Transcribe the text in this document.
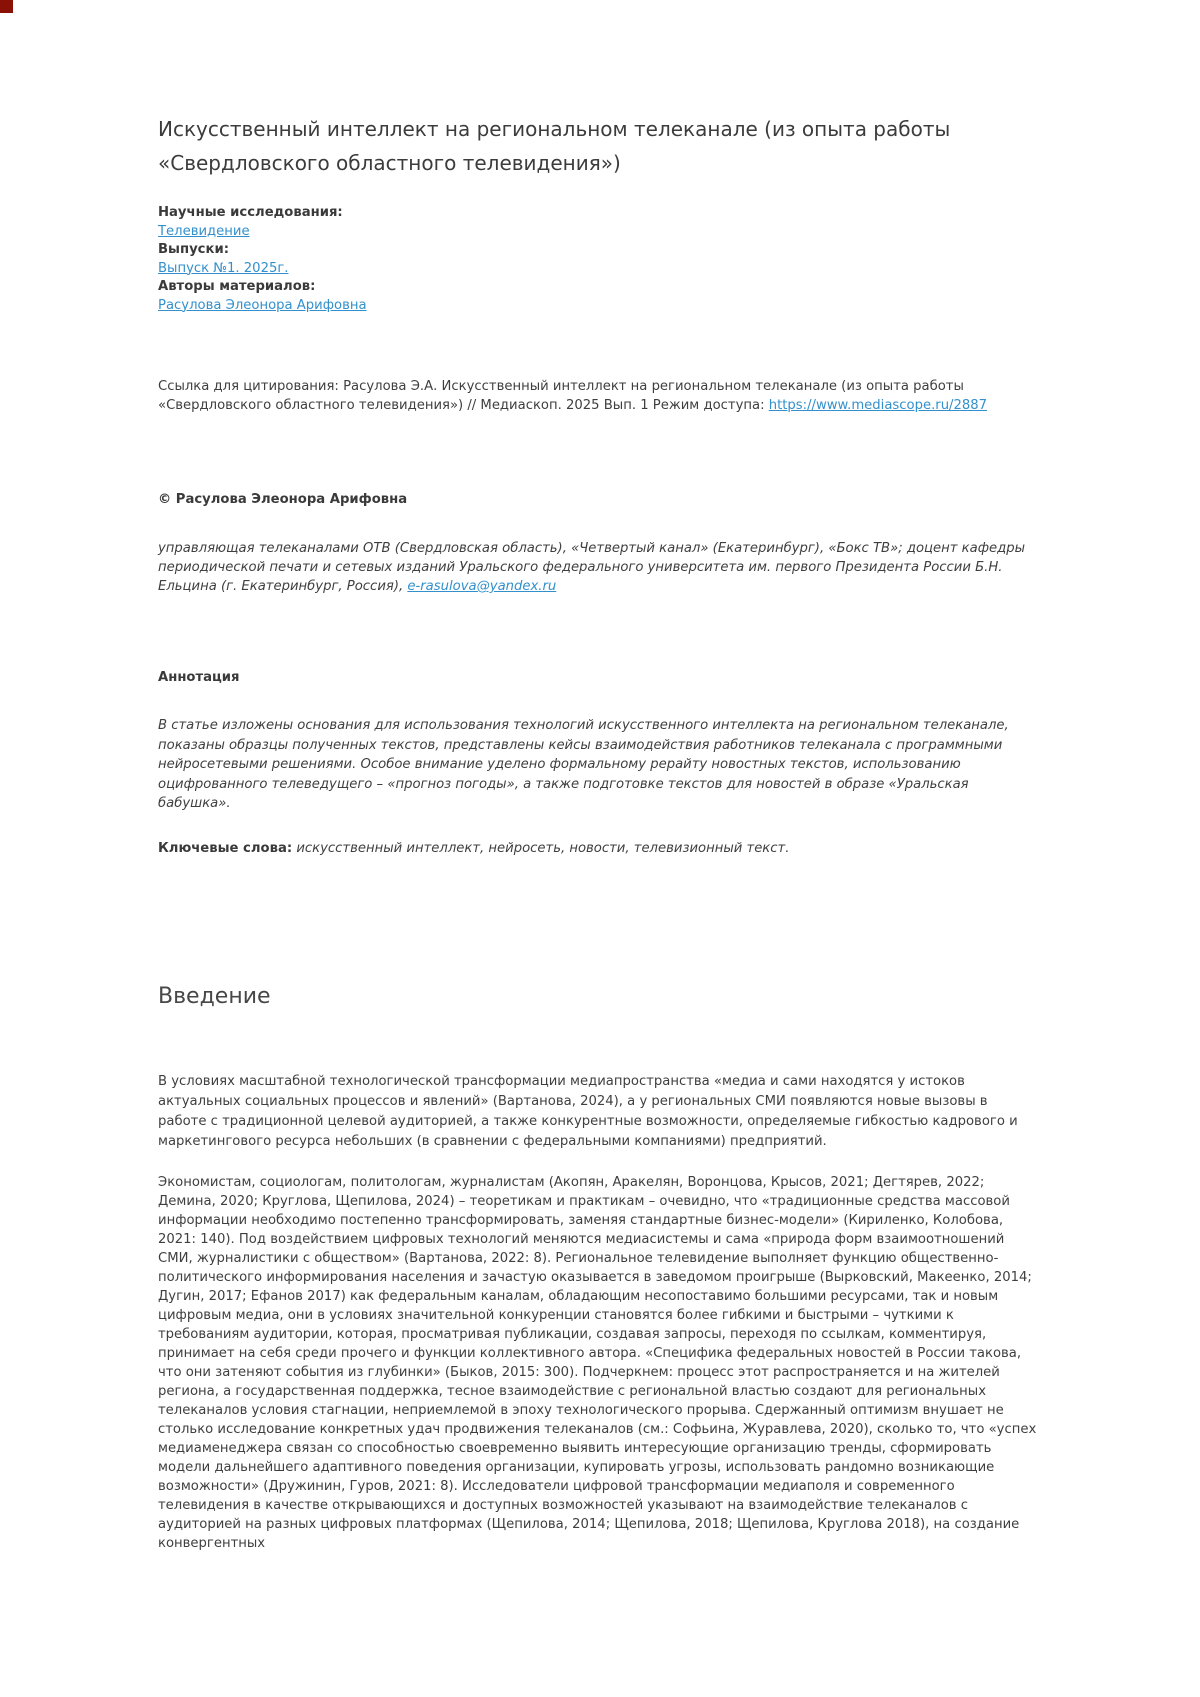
Искусственный интеллект на региональном телеканале (из опыта работы «Свердловского областного телевидения»)
Научные исследования:
Телевидение
Выпуски:
Выпуск №1. 2025г.
Авторы материалов:
Расулова Элеонора Арифовна

Ссылка для цитирования: Расулова Э.А. Искусственный интеллект на региональном телеканале (из опыта работы «Свердловского областного телевидения») // Медиаскоп. 2025 Вып. 1 Режим доступа: https://www.mediascope.ru/2887

© Расулова Элеонора Арифовна

управляющая телеканалами ОТВ (Свердловская область), «Четвертый канал» (Екатеринбург), «Бокс ТВ»; доцент кафедры периодической печати и сетевых изданий Уральского федерального университета им. первого Президента России Б.Н. Ельцина (г. Екатеринбург, Россия), e-rasulova@yandex.ru

Аннотация

В статье изложены основания для использования технологий искусственного интеллекта на региональном телеканале, показаны образцы полученных текстов, представлены кейсы взаимодействия работников телеканала с программными нейросетевыми решениями. Особое внимание уделено формальному рерайту новостных текстов, использованию оцифрованного телеведущего – «прогноз погоды», а также подготовке текстов для новостей в образе «Уральская бабушка».

Ключевые слова: искусственный интеллект, нейросеть, новости, телевизионный текст.

Введение

В условиях масштабной технологической трансформации медиапространства «медиа и сами находятся у истоков актуальных социальных процессов и явлений» (Вартанова, 2024), а у региональных СМИ появляются новые вызовы в работе с традиционной целевой аудиторией, а также конкурентные возможности, определяемые гибкостью кадрового и маркетингового ресурса небольших (в сравнении с федеральными компаниями) предприятий.

Экономистам, социологам, политологам, журналистам (Акопян, Аракелян, Воронцова, Крысов, 2021; Дегтярев, 2022; Демина, 2020; Круглова, Щепилова, 2024) – теоретикам и практикам – очевидно, что «традиционные средства массовой информации необходимо постепенно трансформировать, заменяя стандартные бизнес-модели» (Кириленко, Колобова, 2021: 140). Под воздействием цифровых технологий меняются медиасистемы и сама «природа форм взаимоотношений СМИ, журналистики с обществом» (Вартанова, 2022: 8). Региональное телевидение выполняет функцию общественно-политического информирования населения и зачастую оказывается в заведомом проигрыше (Вырковский, Макеенко, 2014; Дугин, 2017; Ефанов 2017) как федеральным каналам, обладающим несопоставимо большими ресурсами, так и новым цифровым медиа, они в условиях значительной конкуренции становятся более гибкими и быстрыми – чуткими к требованиям аудитории, которая, просматривая публикации, создавая запросы, переходя по ссылкам, комментируя, принимает на себя среди прочего и функции коллективного автора. «Специфика федеральных новостей в России такова, что они затеняют события из глубинки» (Быков, 2015: 300). Подчеркнем: процесс этот распространяется и на жителей региона, а государственная поддержка, тесное взаимодействие с региональной властью создают для региональных телеканалов условия стагнации, неприемлемой в эпоху технологического прорыва. Сдержанный оптимизм внушает не столько исследование конкретных удач продвижения телеканалов (см.: Софьина, Журавлева, 2020), сколько то, что «успех медиаменеджера связан со способностью своевременно выявить интересующие организацию тренды, сформировать модели дальнейшего адаптивного поведения организации, купировать угрозы, использовать рандомно возникающие возможности» (Дружинин, Гуров, 2021: 8). Исследователи цифровой трансформации медиаполя и современного телевидения в качестве открывающихся и доступных возможностей указывают на взаимодействие телеканалов с аудиторией на разных цифровых платформах (Щепилова, 2014; Щепилова, 2018; Щепилова, Круглова 2018), на создание конвергентных
